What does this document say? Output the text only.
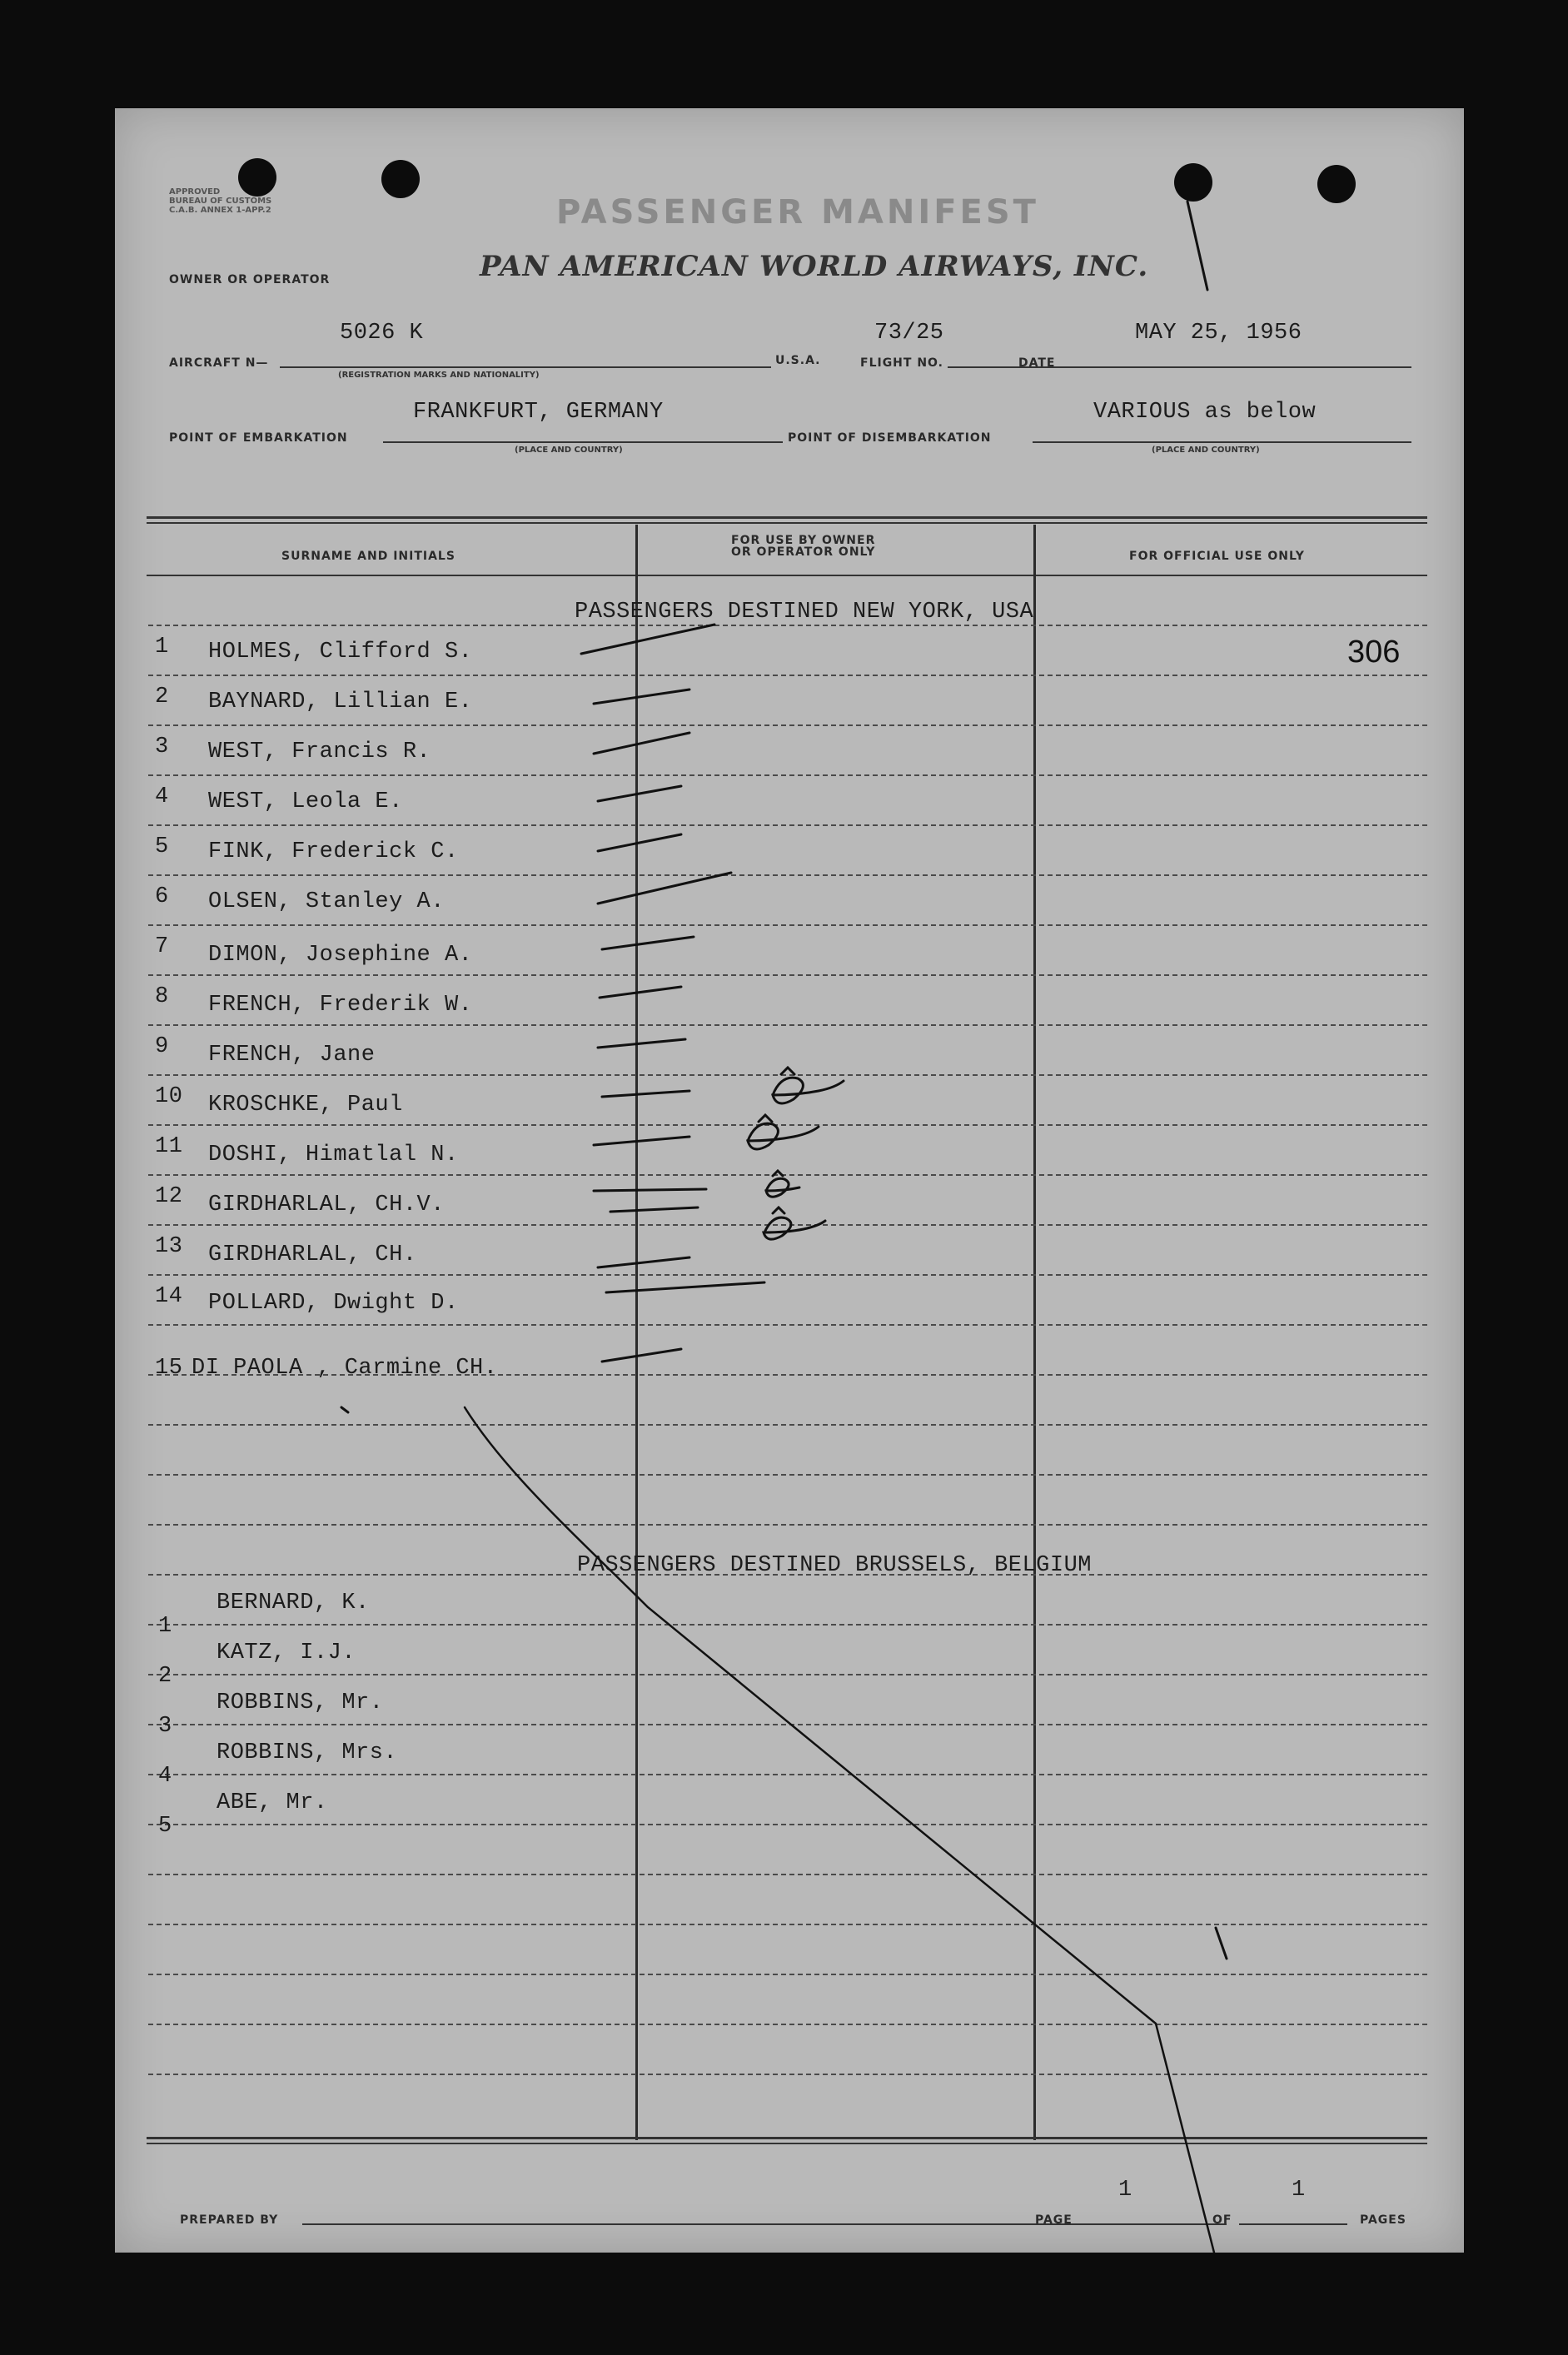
APPROVED
BUREAU OF CUSTOMS
C.A.B. ANNEX 1-APP.2	PASSENGER MANIFEST
OWNER OR OPERATOR	PAN AMERICAN WORLD AIRWAYS, INC.
5026 K	73/25	MAY 25, 1956
AIRCRAFT N—
(REGISTRATION MARKS AND NATIONALITY)
U.S.A.	FLIGHT NO.	DATE
FRANKFURT, GERMANY	VARIOUS as below
POINT OF EMBARKATION
(PLACE AND COUNTRY)
POINT OF DISEMBARKATION
(PLACE AND COUNTRY)
SURNAME AND INITIALS
FOR USE BY OWNER
OR OPERATOR ONLY	FOR OFFICIAL USE ONLY
PASSENGERS DESTINED NEW YORK, USA
306
1 HOLMES, Clifford S.
2 BAYNARD, Lillian E.
3 WEST, Francis R.
4 WEST, Leola E.
5 FINK, Frederick C.
6 OLSEN, Stanley A.
7 DIMON, Josephine A.
8 FRENCH, Frederik W.
9 FRENCH, Jane
10 KROSCHKE, Paul
11 DOSHI, Himatlal N.
12 GIRDHARLAL, CH.V.
13 GIRDHARLAL, CH.
14 POLLARD, Dwight D.
15 DI PAOLA , Carmine CH.
PASSENGERS DESTINED BRUSSELS, BELGIUM
1
BERNARD, K.
2
KATZ, I.J.
3
ROBBINS, Mr.
4
ROBBINS, Mrs.
5
ABE, Mr.
PREPARED BY	PAGE
1
OF
1
PAGES
